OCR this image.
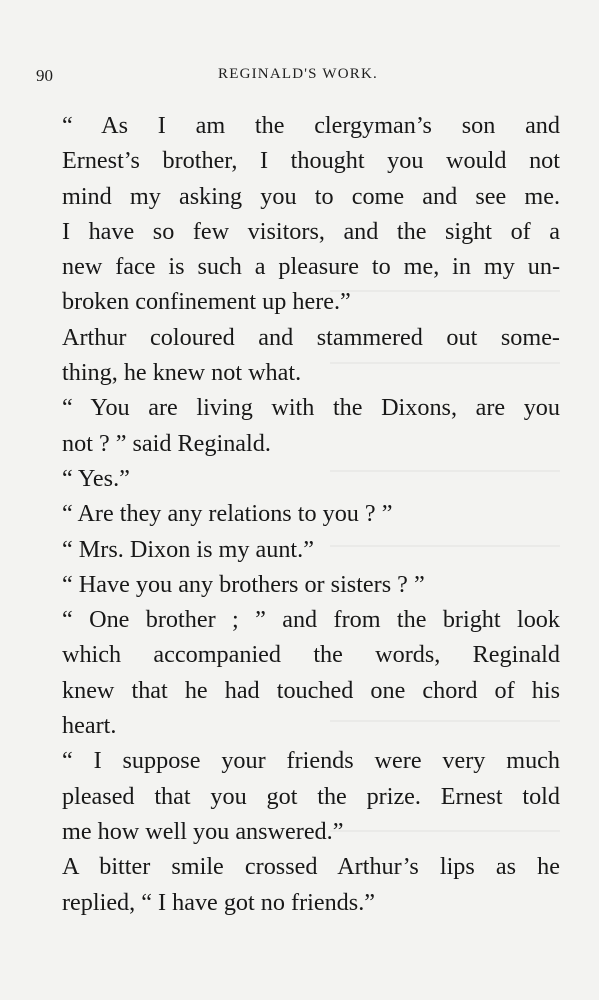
90	REGINALD'S WORK.

“ As I am the clergyman’s son and
Ernest’s brother, I thought you would not
mind my asking you to come and see me.
I have so few visitors, and the sight of a
new face is such a pleasure to me, in my un-
broken confinement up here.”

Arthur coloured and stammered out some-
thing, he knew not what.

“ You are living with the Dixons, are you
not ? ” said Reginald.

“ Yes.”

“ Are they any relations to you ? ”

“ Mrs. Dixon is my aunt.”

“ Have you any brothers or sisters ? ”

“ One brother ; ” and from the bright look
which accompanied the words, Reginald
knew that he had touched one chord of his
heart.

“ I suppose your friends were very much
pleased that you got the prize. Ernest told
me how well you answered.”

A bitter smile crossed Arthur’s lips as he
replied, “ I have got no friends.”
